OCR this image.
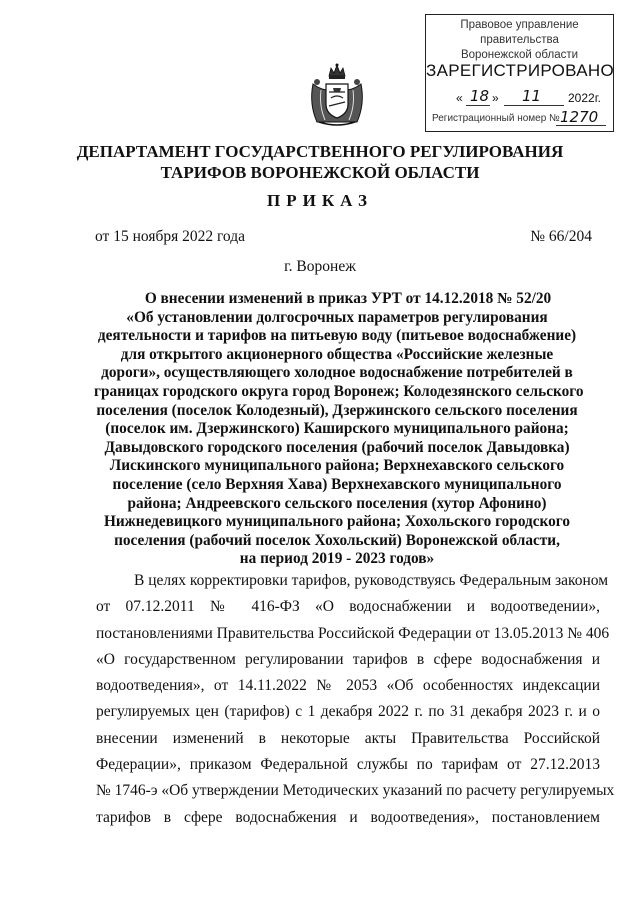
Правовое управление правительства
Воронежской области
ЗАРЕГИСТРИРОВАНО
« 18 » 11 2022г.
Регистрационный номер № 1270
ДЕПАРТАМЕНТ ГОСУДАРСТВЕННОГО РЕГУЛИРОВАНИЯ
ТАРИФОВ ВОРОНЕЖСКОЙ ОБЛАСТИ
ПРИКАЗ
от 15 ноября 2022 года	№ 66/204
г. Воронеж
О внесении изменений в приказ УРТ от 14.12.2018 № 52/20
«Об установлении долгосрочных параметров регулирования
деятельности и тарифов на питьевую воду (питьевое водоснабжение)
для открытого акционерного общества «Российские железные
дороги», осуществляющего холодное водоснабжение потребителей в
границах городского округа город Воронеж; Колодезянского сельского
поселения (поселок Колодезный), Дзержинского сельского поселения
(поселок им. Дзержинского) Каширского муниципального района;
Давыдовского городского поселения (рабочий поселок Давыдовка)
Лискинского муниципального района; Верхнехавского сельского
поселение (село Верхняя Хава) Верхнехавского муниципального
района; Андреевского сельского поселения (хутор Афонино)
Нижнедевицкого муниципального района; Хохольского городского
поселения (рабочий поселок Хохольский) Воронежской области,
на период 2019 - 2023 годов»
В целях корректировки тарифов, руководствуясь Федеральным законом
от 07.12.2011 № 416-ФЗ «О водоснабжении и водоотведении»,
постановлениями Правительства Российской Федерации от 13.05.2013 № 406
«О государственном регулировании тарифов в сфере водоснабжения и
водоотведения», от 14.11.2022 № 2053 «Об особенностях индексации
регулируемых цен (тарифов) с 1 декабря 2022 г. по 31 декабря 2023 г. и о
внесении изменений в некоторые акты Правительства Российской
Федерации», приказом Федеральной службы по тарифам от 27.12.2013
№ 1746-э «Об утверждении Методических указаний по расчету регулируемых
тарифов в сфере водоснабжения и водоотведения», постановлением
